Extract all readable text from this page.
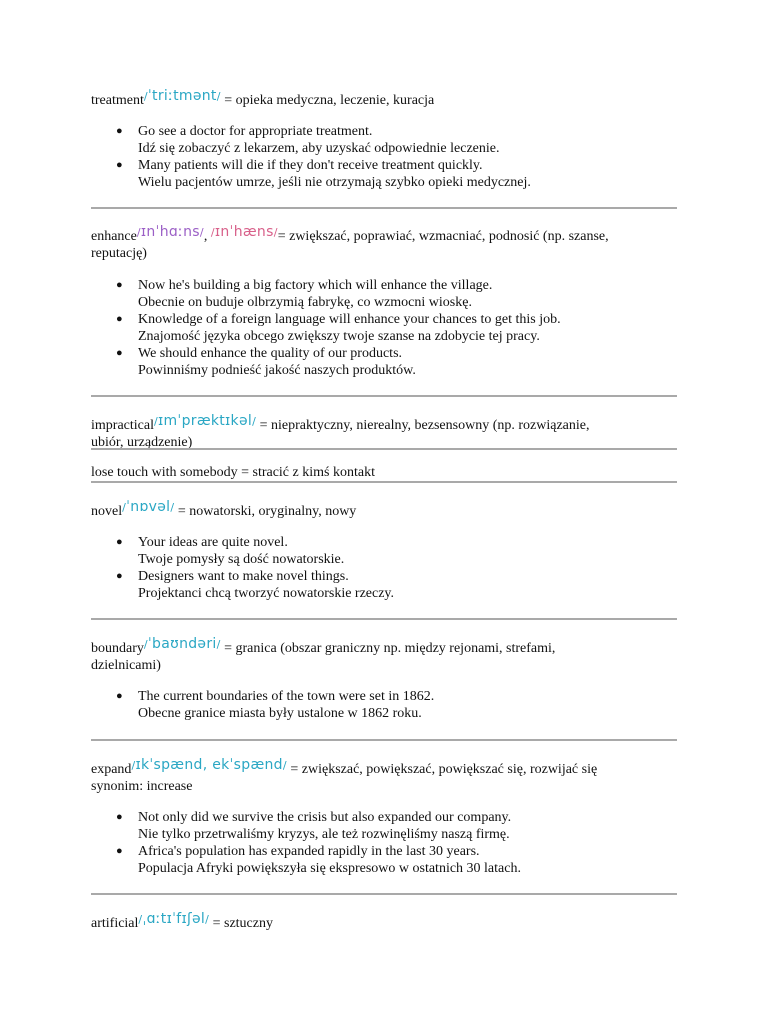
treatment/ˈtriːtmənt/ = opieka medyczna, leczenie, kuracja
● Go see a doctor for appropriate treatment.
Idź się zobaczyć z lekarzem, aby uzyskać odpowiednie leczenie.
● Many patients will die if they don't receive treatment quickly.
Wielu pacjentów umrze, jeśli nie otrzymają szybko opieki medycznej.
enhance/ɪnˈhɑːns/, /ɪnˈhæns/= zwiększać, poprawiać, wzmacniać, podnosić (np. szanse,
reputację)
● Now he's building a big factory which will enhance the village.
Obecnie on buduje olbrzymią fabrykę, co wzmocni wioskę.
● Knowledge of a foreign language will enhance your chances to get this job.
Znajomość języka obcego zwiększy twoje szanse na zdobycie tej pracy.
● We should enhance the quality of our products.
Powinniśmy podnieść jakość naszych produktów.
impractical/ɪmˈpræktɪkəl/ = niepraktyczny, nierealny, bezsensowny (np. rozwiązanie,
ubiór, urządzenie)
lose touch with somebody = stracić z kimś kontakt
novel/ˈnɒvəl/ = nowatorski, oryginalny, nowy
● Your ideas are quite novel.
Twoje pomysły są dość nowatorskie.
● Designers want to make novel things.
Projektanci chcą tworzyć nowatorskie rzeczy.
boundary/ˈbaʊndəri/ = granica (obszar graniczny np. między rejonami, strefami,
dzielnicami)
● The current boundaries of the town were set in 1862.
Obecne granice miasta były ustalone w 1862 roku.
expand/ɪkˈspænd, ekˈspænd/ = zwiększać, powiększać, powiększać się, rozwijać się
synonim: increase
● Not only did we survive the crisis but also expanded our company.
Nie tylko przetrwaliśmy kryzys, ale też rozwinęliśmy naszą firmę.
● Africa's population has expanded rapidly in the last 30 years.
Populacja Afryki powiększyła się ekspresowo w ostatnich 30 latach.
artificial/ˌɑːtɪˈfɪʃəl/ = sztuczny
